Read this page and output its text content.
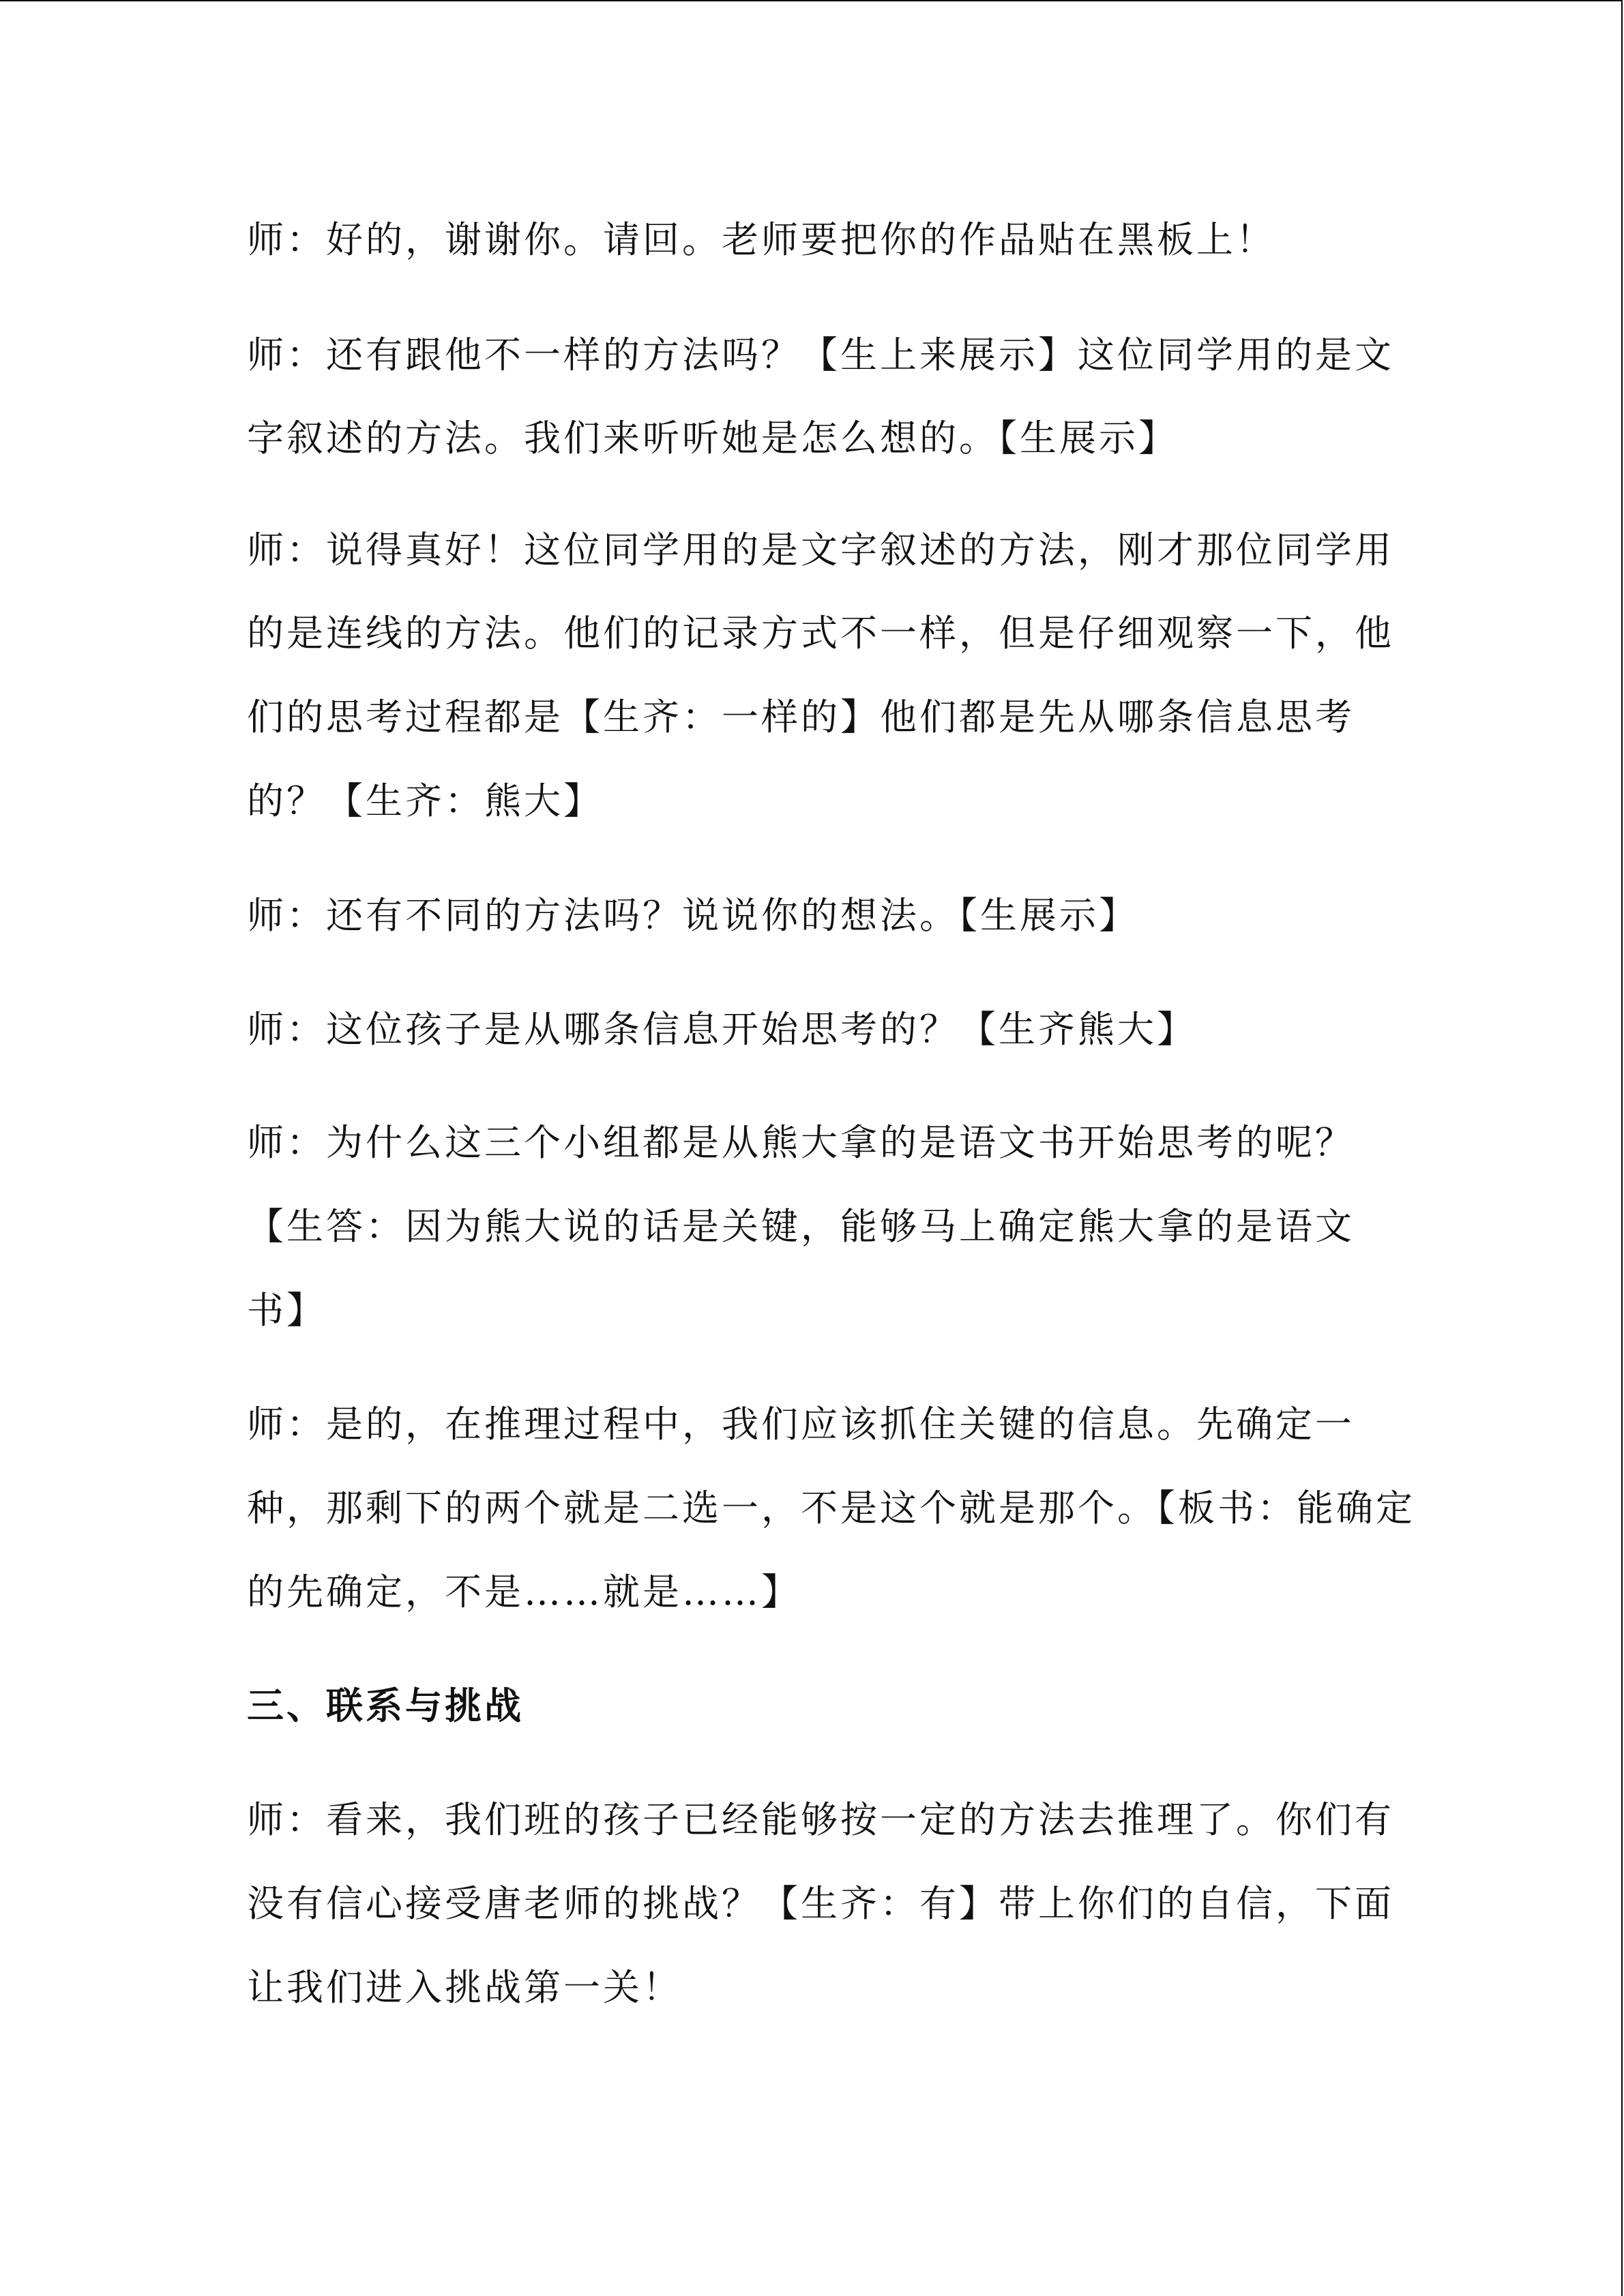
师：好的，谢谢你。请回。老师要把你的作品贴在黑板上！
师：还有跟他不一样的方法吗？【生上来展示】这位同学用的是文
字叙述的方法。我们来听听她是怎么想的。【生展示】
师：说得真好！这位同学用的是文字叙述的方法，刚才那位同学用
的是连线的方法。他们的记录方式不一样，但是仔细观察一下，他
们的思考过程都是【生齐：一样的】他们都是先从哪条信息思考
的？【生齐：熊大】
师：还有不同的方法吗？说说你的想法。【生展示】
师：这位孩子是从哪条信息开始思考的？【生齐熊大】
师：为什么这三个小组都是从熊大拿的是语文书开始思考的呢？
【生答：因为熊大说的话是关键，能够马上确定熊大拿的是语文
书】
师：是的，在推理过程中，我们应该抓住关键的信息。先确定一
种，那剩下的两个就是二选一，不是这个就是那个。【板书：能确定
的先确定，不是……就是……】
三、联系与挑战
师：看来，我们班的孩子已经能够按一定的方法去推理了。你们有
没有信心接受唐老师的挑战？【生齐：有】带上你们的自信，下面
让我们进入挑战第一关！
